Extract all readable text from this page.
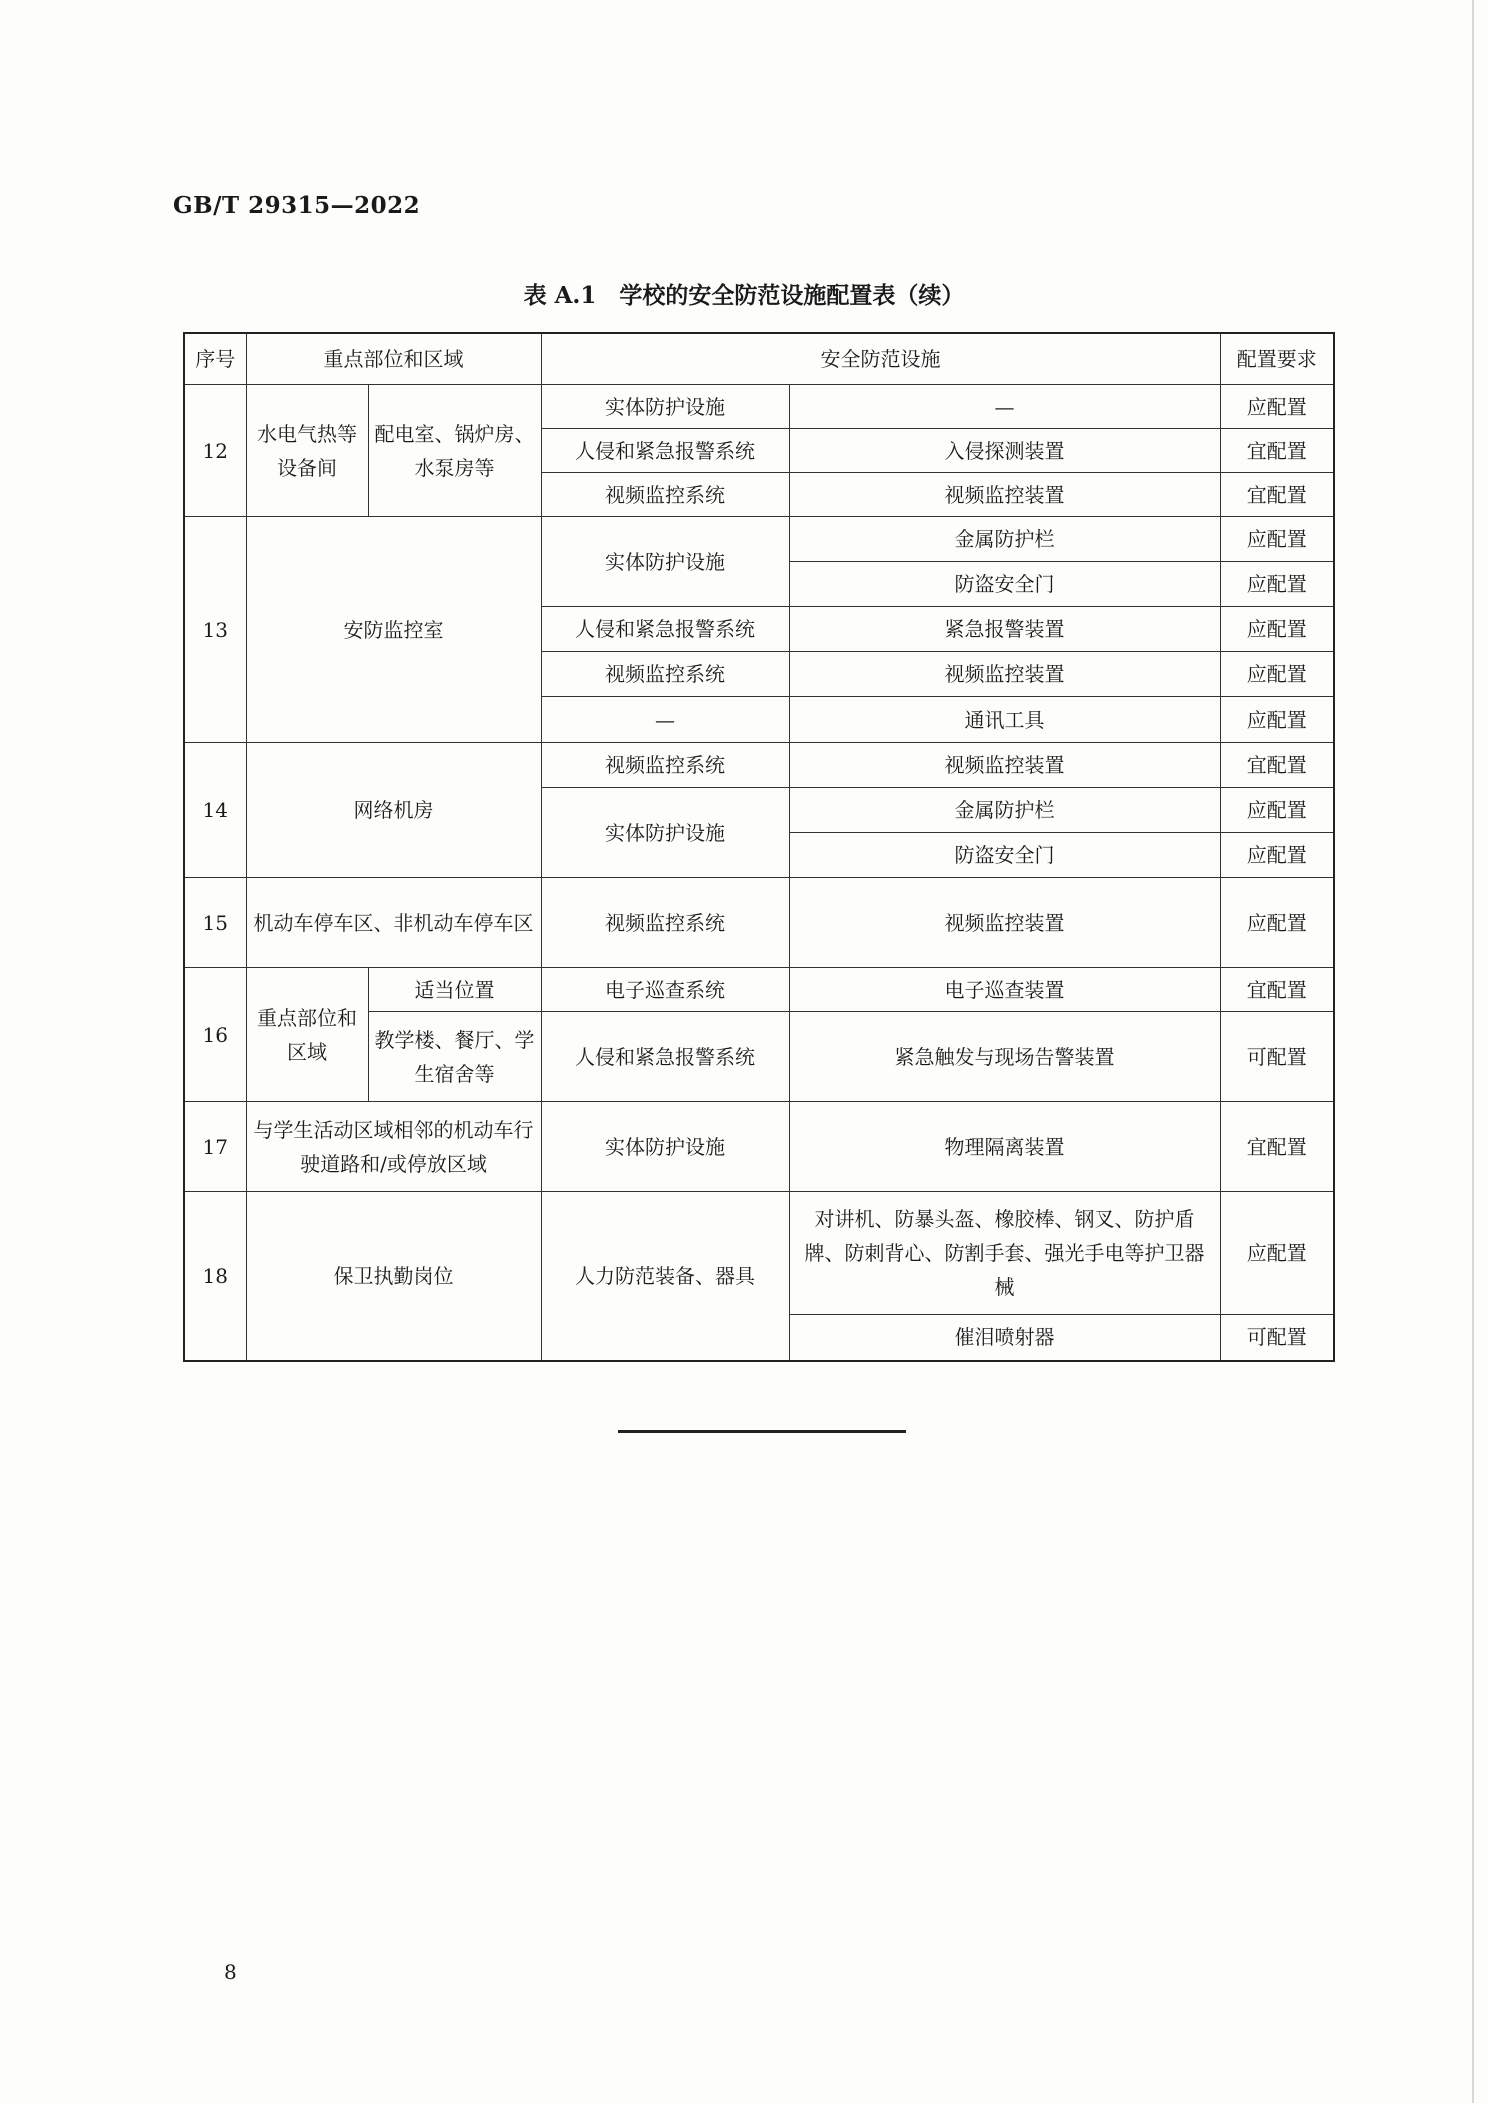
GB/T 29315—2022
表 A.1　学校的安全防范设施配置表（续）
序号	重点部位和区域		安全防范设施		配置要求
12	水电气热等设备间	配电室、锅炉房、水泵房等	实体防护设施	—	应配置
			人侵和紧急报警系统	入侵探测装置	宜配置
			视频监控系统	视频监控装置	宜配置
13	安防监控室		实体防护设施	金属防护栏	应配置
				防盗安全门	应配置
			人侵和紧急报警系统	紧急报警装置	应配置
			视频监控系统	视频监控装置	应配置
			—	通讯工具	应配置
14	网络机房		视频监控系统	视频监控装置	宜配置
			实体防护设施	金属防护栏	应配置
				防盗安全门	应配置
15	机动车停车区、非机动车停车区		视频监控系统	视频监控装置	应配置
16	重点部位和区域	适当位置	电子巡查系统	电子巡查装置	宜配置
		教学楼、餐厅、学生宿舍等	人侵和紧急报警系统	紧急触发与现场告警装置	可配置
17	与学生活动区域相邻的机动车行驶道路和/或停放区域		实体防护设施	物理隔离装置	宜配置
18	保卫执勤岗位		人力防范装备、器具	对讲机、防暴头盔、橡胶棒、钢叉、防护盾牌、防刺背心、防割手套、强光手电等护卫器械	应配置
				催泪喷射器	可配置
8
